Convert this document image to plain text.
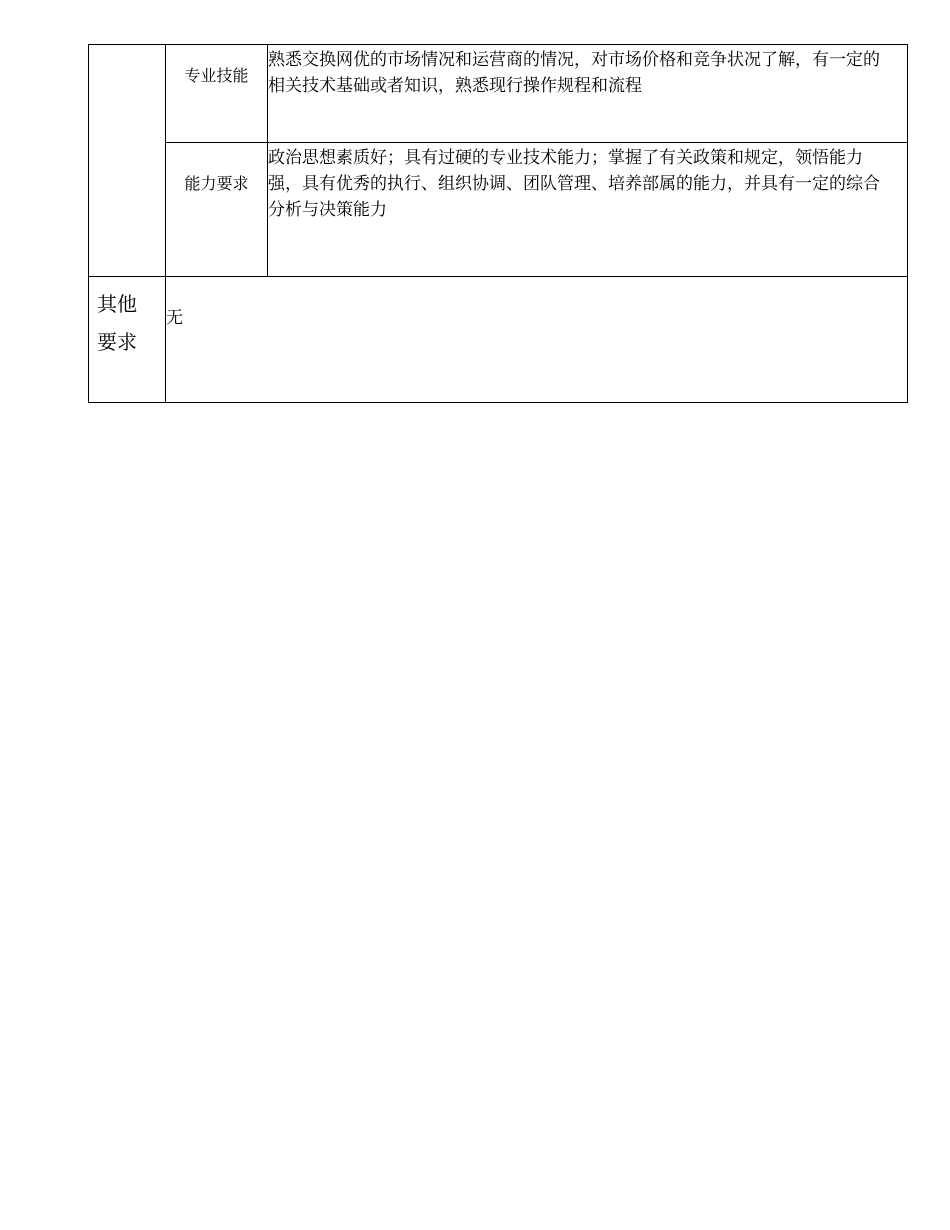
	专业技能	熟悉交换网优的市场情况和运营商的情况，对市场价格和竞争状况了解，有一定的相关技术基础或者知识，熟悉现行操作规程和流程
	能力要求	政治思想素质好；具有过硬的专业技术能力；掌握了有关政策和规定，领悟能力强，具有优秀的执行、组织协调、团队管理、培养部属的能力，并具有一定的综合分析与决策能力

其他
要求	无	
